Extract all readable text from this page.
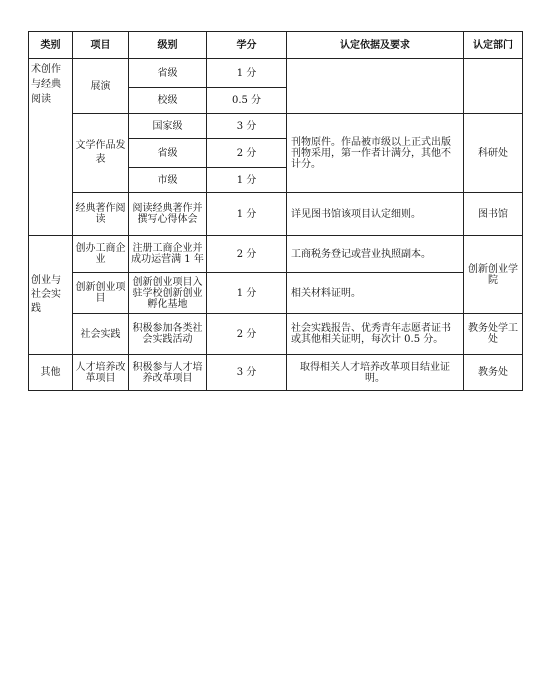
类别	项目	级别	学分	认定依据及要求	认定部门
术创作与经典阅读	展演	省级	1 分		
		校级	0.5 分		
	文学作品发表	国家级	3 分	刊物原件。作品被市级以上正式出版刊物采用，第一作者计满分，其他不计分。	科研处
		省级	2 分		
		市级	1 分		
	经典著作阅读	阅读经典著作并撰写心得体会	1 分	详见图书馆该项目认定细则。	图书馆
创业与社会实践	创办工商企业	注册工商企业并成功运营满 1 年	2 分	工商税务登记或营业执照副本。	创新创业学院
	创新创业项目	创新创业项目入驻学校创新创业孵化基地	1 分	相关材料证明。	
	社会实践	积极参加各类社会实践活动	2 分	社会实践报告、优秀青年志愿者证书或其他相关证明，每次计 0.5 分。	教务处学工处
其他	人才培养改革项目	积极参与人才培养改革项目	3 分	取得相关人才培养改革项目结业证明。	教务处
